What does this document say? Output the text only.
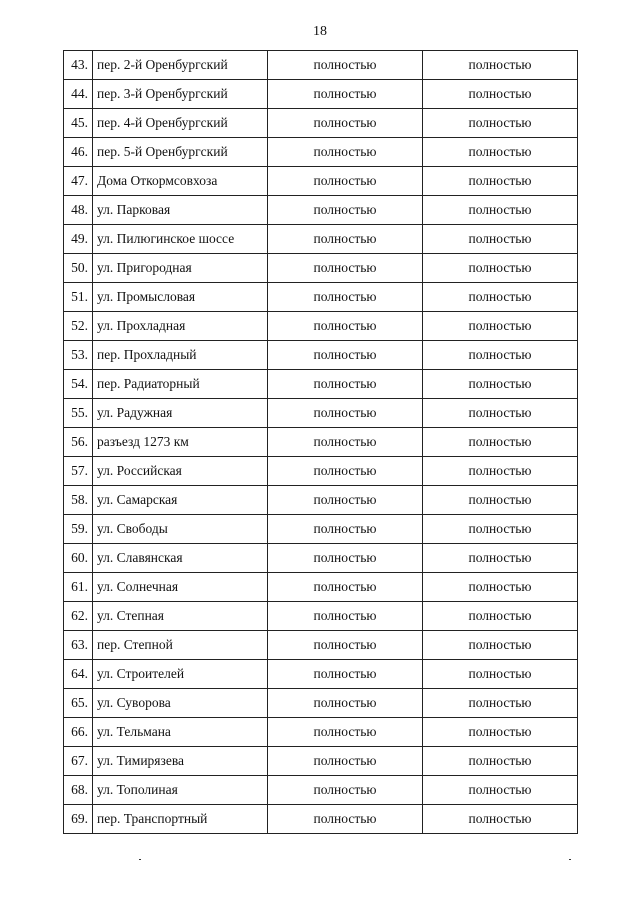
18
43.	пер. 2-й Оренбургский	полностью	полностью
44.	пер. 3-й Оренбургский	полностью	полностью
45.	пер. 4-й Оренбургский	полностью	полностью
46.	пер. 5-й Оренбургский	полностью	полностью
47.	Дома Откормсовхоза	полностью	полностью
48.	ул. Парковая	полностью	полностью
49.	ул. Пилюгинское шоссе	полностью	полностью
50.	ул. Пригородная	полностью	полностью
51.	ул. Промысловая	полностью	полностью
52.	ул. Прохладная	полностью	полностью
53.	пер. Прохладный	полностью	полностью
54.	пер. Радиаторный	полностью	полностью
55.	ул. Радужная	полностью	полностью
56.	разъезд 1273 км	полностью	полностью
57.	ул. Российская	полностью	полностью
58.	ул. Самарская	полностью	полностью
59.	ул. Свободы	полностью	полностью
60.	ул. Славянская	полностью	полностью
61.	ул. Солнечная	полностью	полностью
62.	ул. Степная	полностью	полностью
63.	пер. Степной	полностью	полностью
64.	ул. Строителей	полностью	полностью
65.	ул. Суворова	полностью	полностью
66.	ул. Тельмана	полностью	полностью
67.	ул. Тимирязева	полностью	полностью
68.	ул. Тополиная	полностью	полностью
69.	пер. Транспортный	полностью	полностью
